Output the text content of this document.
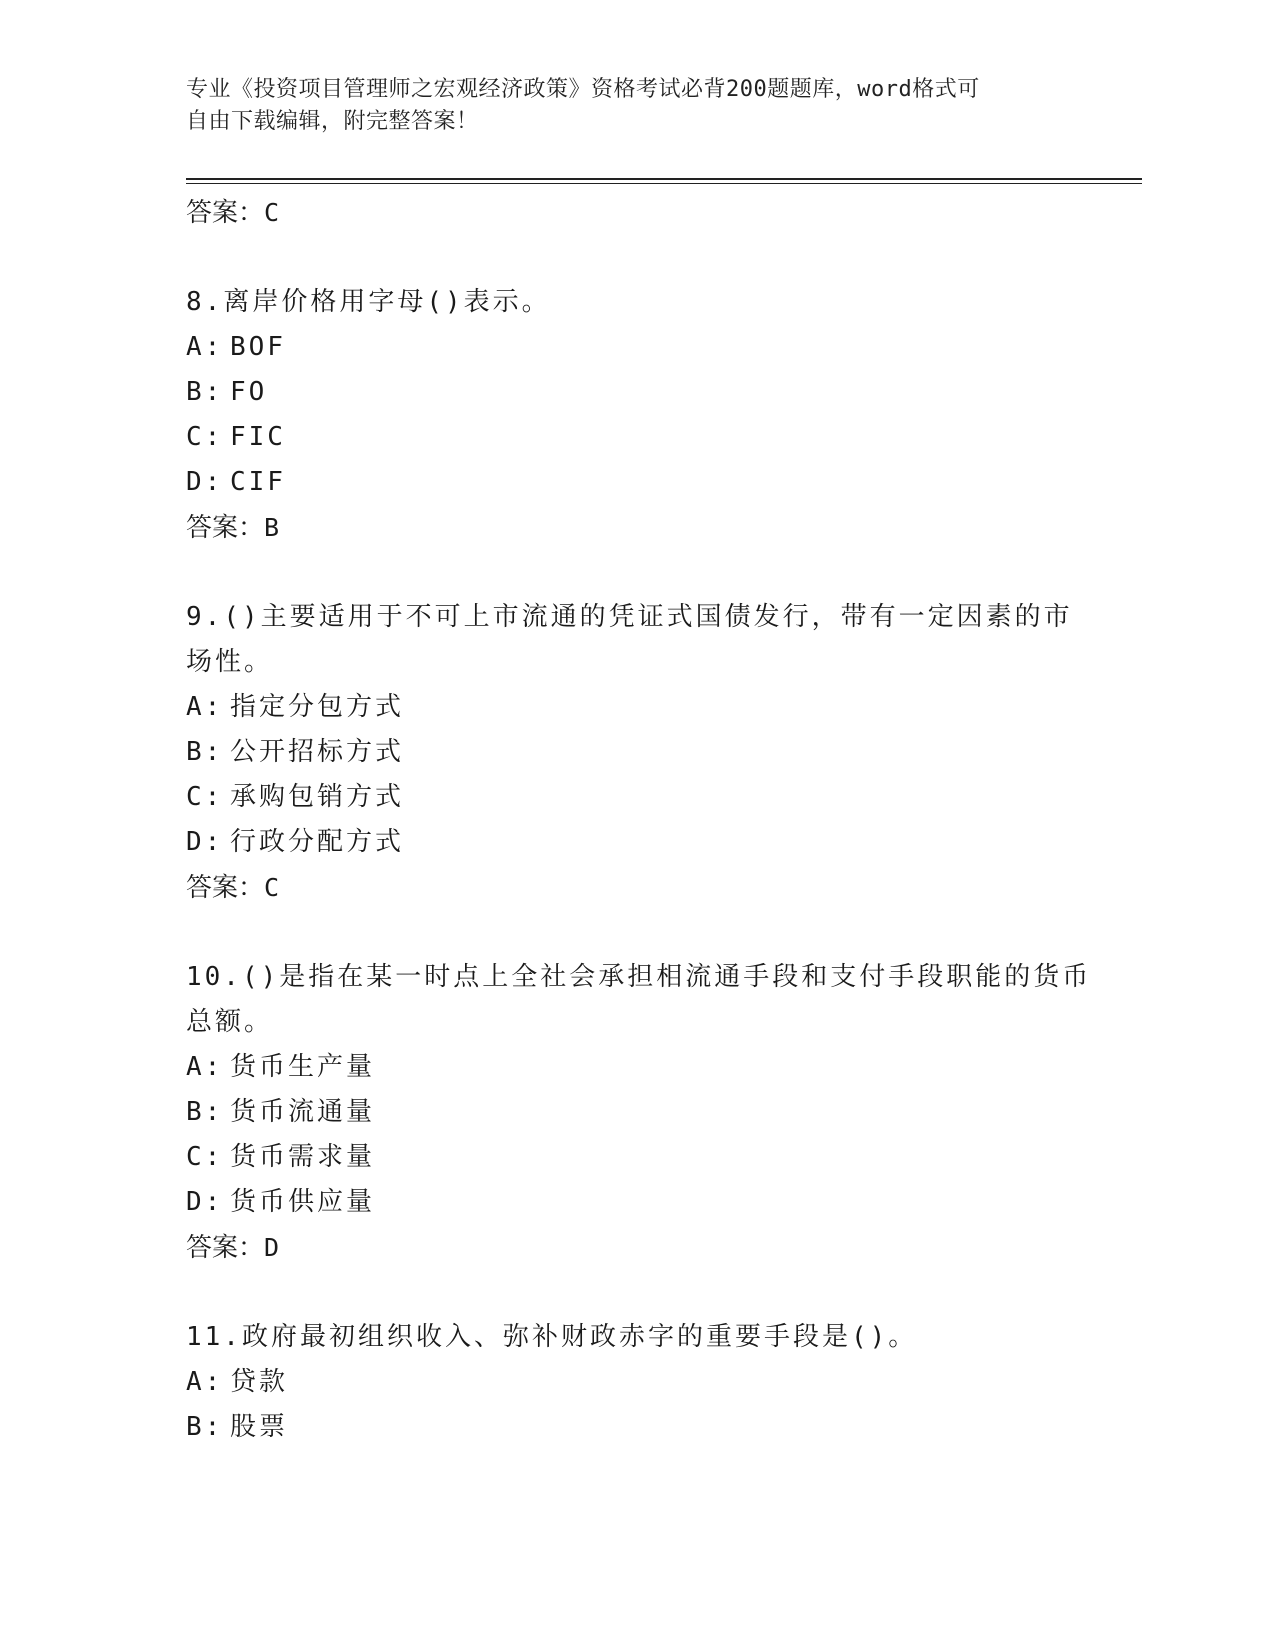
专业《投资项目管理师之宏观经济政策》资格考试必背200题题库，word格式可
自由下载编辑，附完整答案！
答案： C
8.离岸价格用字母()表示。
A: BOF
B: FO
C: FIC
D: CIF
答案： B
9.()主要适用于不可上市流通的凭证式国债发行，带有一定因素的市
场性。
A: 指定分包方式
B: 公开招标方式
C: 承购包销方式
D: 行政分配方式
答案： C
10.()是指在某一时点上全社会承担相流通手段和支付手段职能的货币
总额。
A: 货币生产量
B: 货币流通量
C: 货币需求量
D: 货币供应量
答案： D
11.政府最初组织收入、弥补财政赤字的重要手段是()。
A: 贷款
B: 股票
